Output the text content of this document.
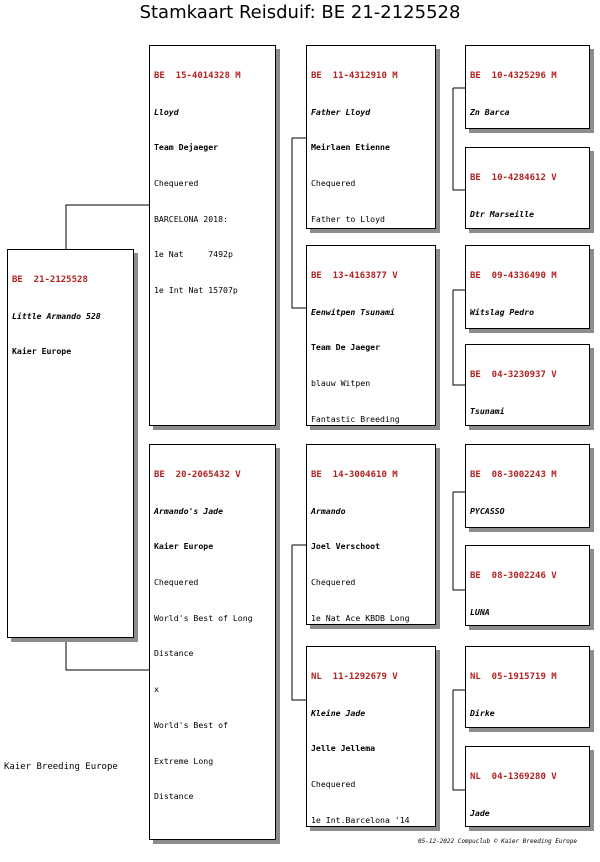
Stamkaart Reisduif: BE 21-2125528

BE  21-2125528

Little Armando 528

Kaier Europe

BE  15-4014328 M

Lloyd

Team Dejaeger

Chequered

BARCELONA 2018:

1e Nat     7492p

1e Int Nat 15707p

BE  20-2065432 V

Armando's Jade

Kaier Europe

Chequered

World's Best of Long

Distance

x

World's Best of

Extreme Long

Distance

BE  11-4312910 M

Father Lloyd

Meirlaen Etienne

Chequered

Father to Lloyd

BE  13-4163877 V

Eenwitpen Tsunami

Team De Jaeger

blauw Witpen

Fantastic Breeding

BE  14-3004610 M

Armando

Joel Verschoot

Chequered

1e Nat Ace KBDB Long

NL  11-1292679 V

Kleine Jade

Jelle Jellema

Chequered

1e Int.Barcelona '14

BE  10-4325296 M

Zn Barca

BE  10-4284612 V

Dtr Marseille

BE  09-4336490 M

Witslag Pedro

BE  04-3230937 V

Tsunami

BE  08-3002243 M

PYCASSO

BE  08-3002246 V

LUNA

NL  05-1915719 M

Dirke

NL  04-1369280 V

Jade

Kaier Breeding Europe
05-12-2022 Compuclub © Kaier Breeding Europe
